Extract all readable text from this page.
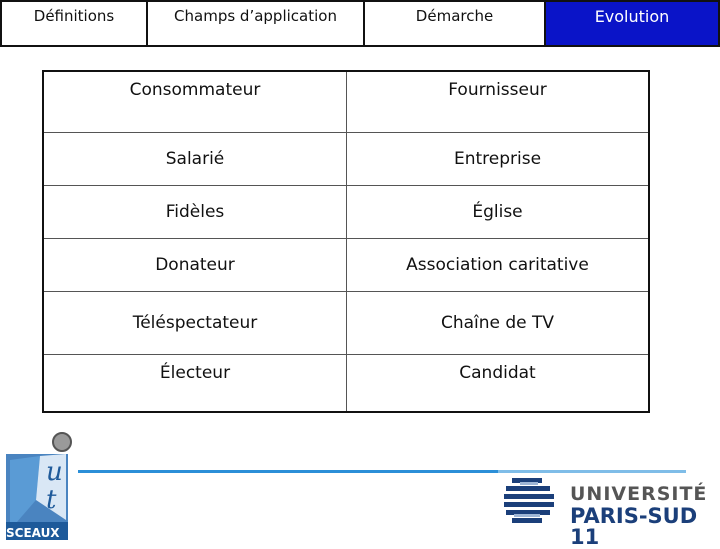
Définitions	Champs d’application	Démarche	Evolution
Consommateur	Fournisseur
Salarié	Entreprise
Fidèles	Église
Donateur	Association caritative
Téléspectateur	Chaîne de TV
Électeur	Candidat
u
t
SCEAUX
UNIVERSITÉ
PARIS-SUD 11
